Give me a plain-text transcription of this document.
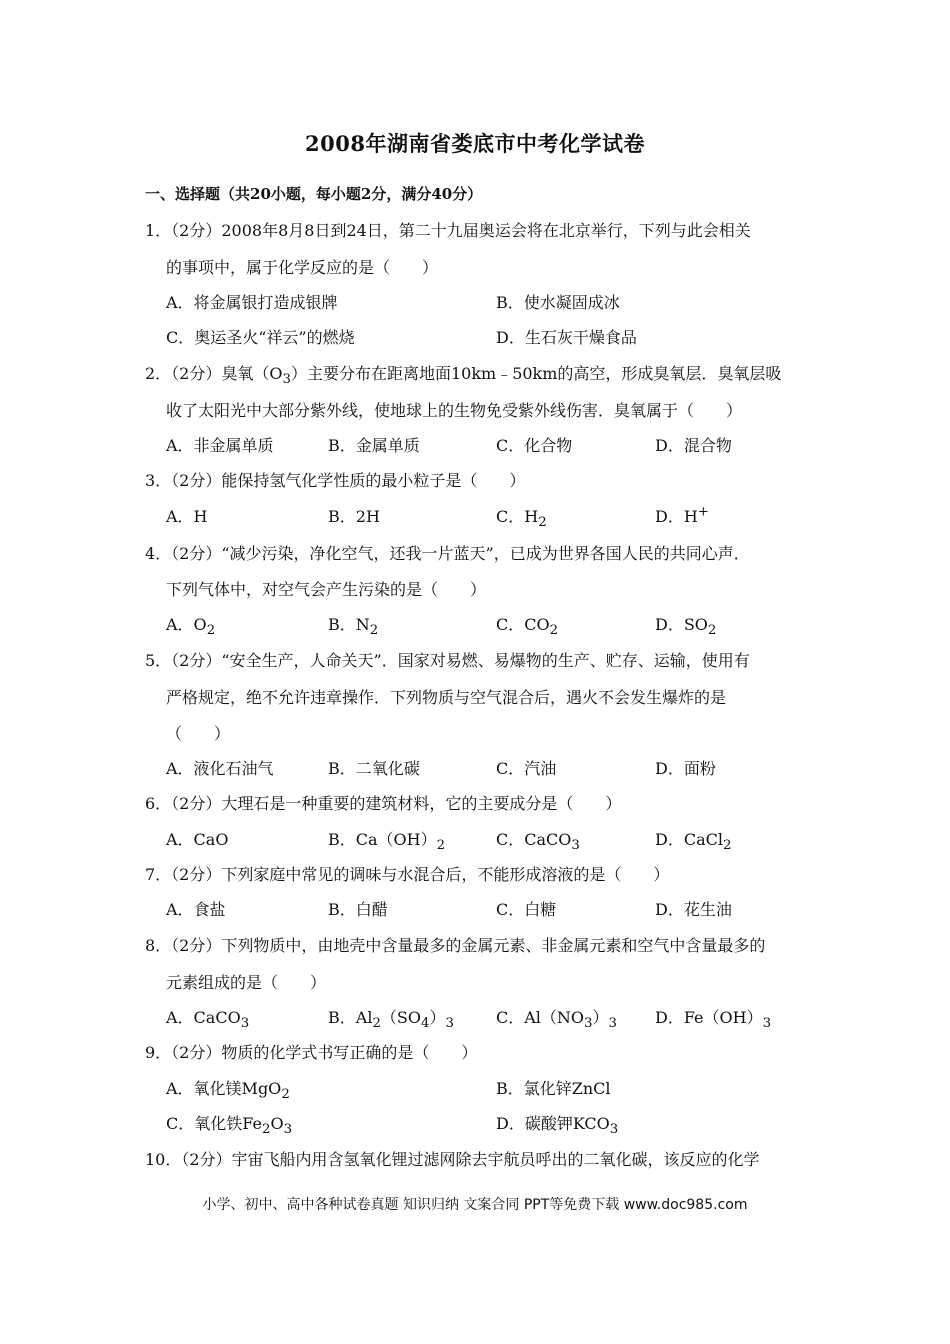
2008年湖南省娄底市中考化学试卷
一、选择题（共20小题，每小题2分，满分40分）
1．（2分）2008年8月8日到24日，第二十九届奥运会将在北京举行，下列与此会相关
的事项中，属于化学反应的是（　　）
A．将金属银打造成银牌	B．使水凝固成冰
C．奥运圣火“祥云”的燃烧	D．生石灰干燥食品
2．（2分）臭氧$(O_3)$主要分布在距离地面10km﹣50km的高空，形成臭氧层．臭氧层吸
收了太阳光中大部分紫外线，使地球上的生物免受紫外线伤害．臭氧属于（　　）
A．非金属单质	B．金属单质	C．化合物	D．混合物
3．（2分）能保持氢气化学性质的最小粒子是（　　）
A．H	B．2H	C．$H_2$	D．H+
4．（2分）“减少污染，净化空气，还我一片蓝天”，已成为世界各国人民的共同心声．
下列气体中，对空气会产生污染的是（　　）
A．$O_2$	B．$N_2$	C．$CO_2$	D．$SO_2$
5．（2分）“安全生产，人命关天”．国家对易燃、易爆物的生产、贮存、运输，使用有
严格规定，绝不允许违章操作．下列物质与空气混合后，遇火不会发生爆炸的是
（　　）
A．液化石油气	B．二氧化碳	C．汽油	D．面粉
6．（2分）大理石是一种重要的建筑材料，它的主要成分是（　　）
A．CaO	B．$Ca(OH)_2$	C．CaCO$_3$	D．CaCl$_2$
7．（2分）下列家庭中常见的调味与水混合后，不能形成溶液的是（　　）
A．食盐	B．白醋	C．白糖	D．花生油
8．（2分）下列物质中，由地壳中含量最多的金属元素、非金属元素和空气中含量最多的
元素组成的是（　　）
A．CaCO$_3$	B．$Al_2(SO_4)_3$	C．$Al(NO_3)_3$ D．$Fe(OH)_3$
9．（2分）物质的化学式书写正确的是（　　）
A．氧化镁MgO$_2$	B．氯化锌ZnCl
C．氧化铁$Fe_2O_3$	D．碳酸钾$KCO_3$
10．（2分）宇宙飞船内用含氢氧化锂过滤网除去宇航员呼出的二氧化碳，该反应的化学
小学、初中、高中各种试卷真题 知识归纳 文案合同 PPT等免费下载 www.doc985.com
